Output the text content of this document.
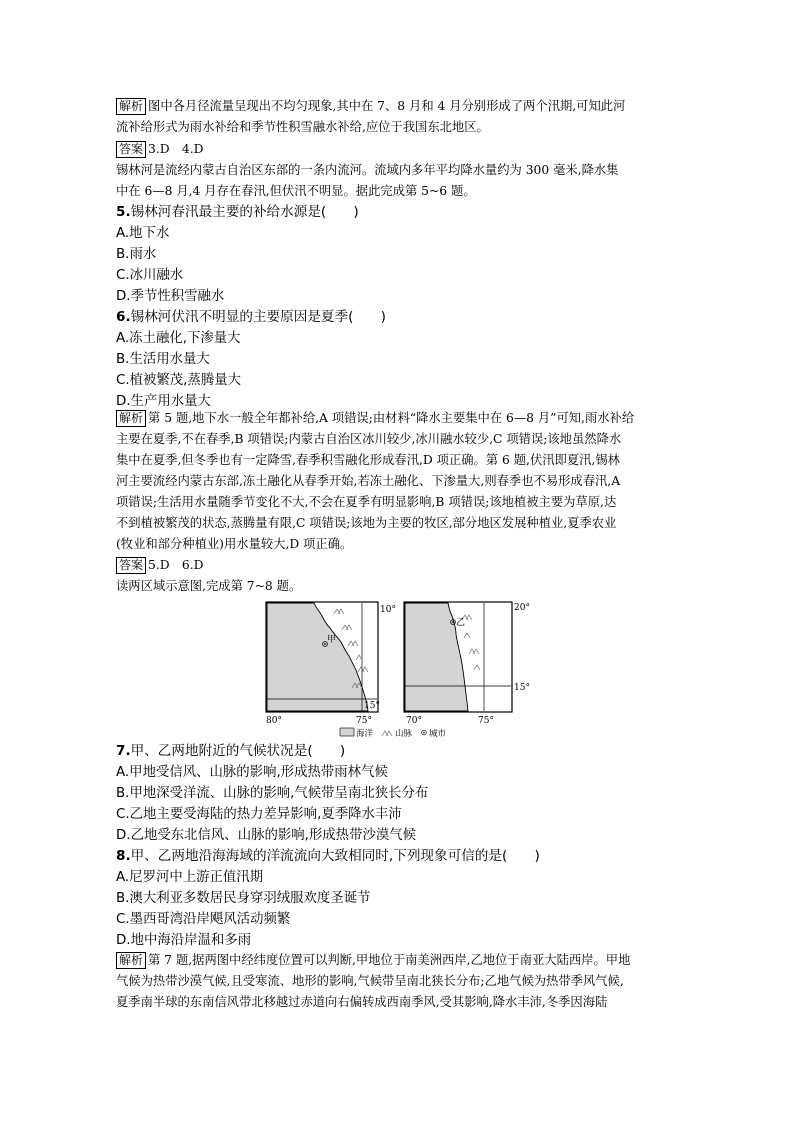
解析 图中各月径流量呈现出不均匀现象,其中在 7、8 月和 4 月分别形成了两个汛期,可知此河
流补给形式为雨水补给和季节性积雪融水补给,应位于我国东北地区。
答案 3.D　4.D
锡林河是流经内蒙古自治区东部的一条内流河。流域内多年平均降水量约为 300 毫米,降水集
中在 6—8 月,4 月存在春汛,但伏汛不明显。据此完成第 5~6 题。
5.锡林河春汛最主要的补给水源是(　　)
A.地下水
B.雨水
C.冰川融水
D.季节性积雪融水
6.锡林河伏汛不明显的主要原因是夏季(　　)
A.冻土融化,下渗量大
B.生活用水量大
C.植被繁茂,蒸腾量大
D.生产用水量大
解析 第 5 题,地下水一般全年都补给,A 项错误;由材料“降水主要集中在 6—8 月”可知,雨水补给
主要在夏季,不在春季,B 项错误;内蒙古自治区冰川较少,冰川融水较少,C 项错误;该地虽然降水
集中在夏季,但冬季也有一定降雪,春季积雪融化形成春汛,D 项正确。第 6 题,伏汛即夏汛,锡林
河主要流经内蒙古东部,冻土融化从春季开始,若冻土融化、下渗量大,则春季也不易形成春汛,A
项错误;生活用水量随季节变化不大,不会在夏季有明显影响,B 项错误;该地植被主要为草原,达
不到植被繁茂的状态,蒸腾量有限,C 项错误;该地为主要的牧区,部分地区发展种植业,夏季农业
(牧业和部分种植业)用水量较大,D 项正确。
答案 5.D　6.D
读两区域示意图,完成第 7~8 题。
甲
10°
15°
80°	75°
乙
20°
15°
70°	75°
海洋	山脉 城市
7.甲、乙两地附近的气候状况是(　　)
A.甲地受信风、山脉的影响,形成热带雨林气候
B.甲地深受洋流、山脉的影响,气候带呈南北狭长分布
C.乙地主要受海陆的热力差异影响,夏季降水丰沛
D.乙地受东北信风、山脉的影响,形成热带沙漠气候
8.甲、乙两地沿海海域的洋流流向大致相同时,下列现象可信的是(　　)
A.尼罗河中上游正值汛期
B.澳大利亚多数居民身穿羽绒服欢度圣诞节
C.墨西哥湾沿岸飓风活动频繁
D.地中海沿岸温和多雨
解析 第 7 题,据两图中经纬度位置可以判断,甲地位于南美洲西岸,乙地位于南亚大陆西岸。甲地
气候为热带沙漠气候,且受寒流、地形的影响,气候带呈南北狭长分布;乙地气候为热带季风气候,
夏季南半球的东南信风带北移越过赤道向右偏转成西南季风,受其影响,降水丰沛,冬季因海陆
